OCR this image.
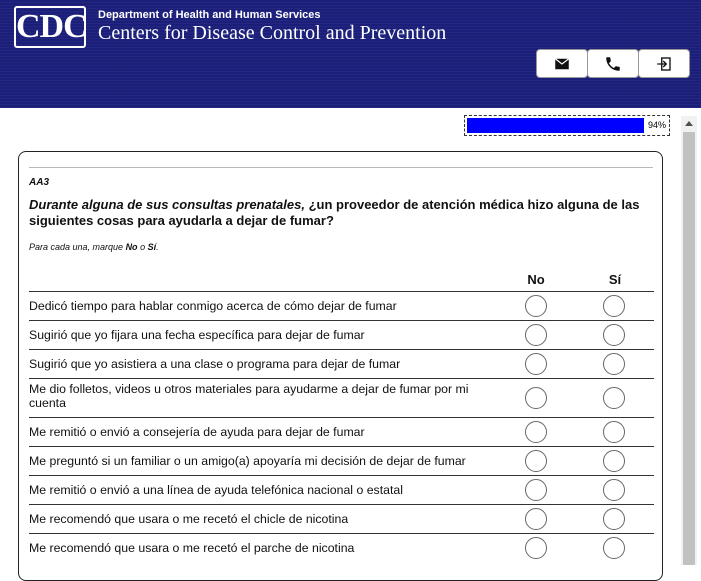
CDC Department of Health and Human Services
Centers for Disease Control and Prevention
94%
AA3
Durante alguna de sus consultas prenatales, ¿un proveedor de atención médica hizo alguna de las siguientes cosas para ayudarla a dejar de fumar?
Para cada una, marque No o Sí.
No	Sí
Dedicó tiempo para hablar conmigo acerca de cómo dejar de fumar
Sugirió que yo fijara una fecha específica para dejar de fumar
Sugirió que yo asistiera a una clase o programa para dejar de fumar
Me dio folletos, videos u otros materiales para ayudarme a dejar de fumar por mi cuenta
Me remitió o envió a consejería de ayuda para dejar de fumar
Me preguntó si un familiar o un amigo(a) apoyaría mi decisión de dejar de fumar
Me remitió o envió a una línea de ayuda telefónica nacional o estatal
Me recomendó que usara o me recetó el chicle de nicotina
Me recomendó que usara o me recetó el parche de nicotina
